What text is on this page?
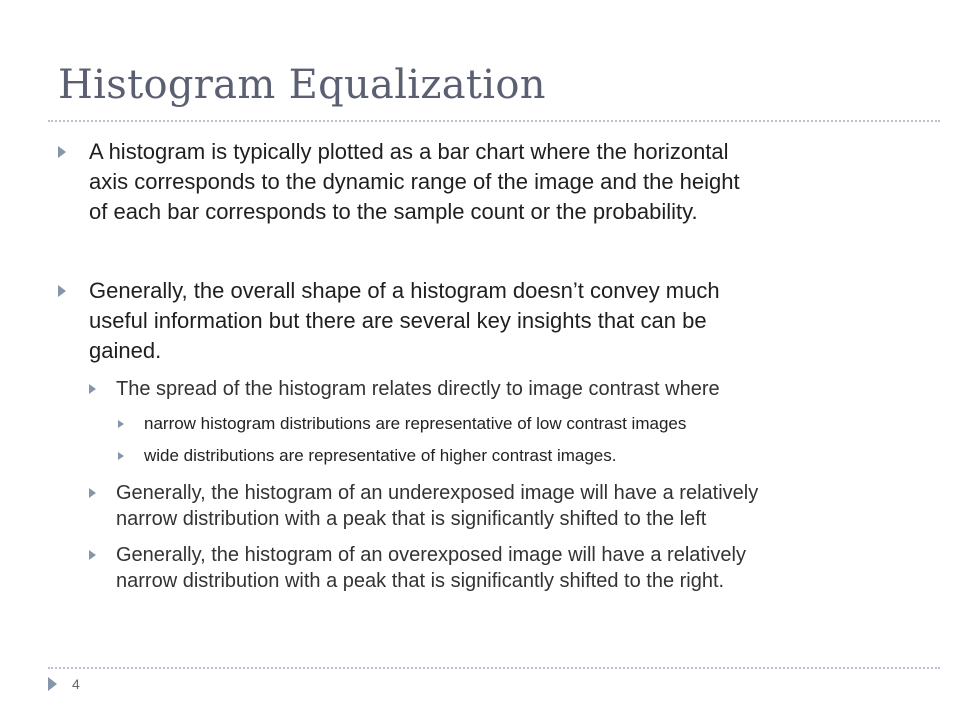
Histogram Equalization
A histogram is typically plotted as a bar chart where the horizontal
axis corresponds to the dynamic range of the image and the height
of each bar corresponds to the sample count or the probability.
Generally, the overall shape of a histogram doesn’t convey much
useful information but there are several key insights that can be
gained.
The spread of the histogram relates directly to image contrast where
narrow histogram distributions are representative of low contrast images
wide distributions are representative of higher contrast images.
Generally, the histogram of an underexposed image will have a relatively
narrow distribution with a peak that is significantly shifted to the left
Generally, the histogram of an overexposed image will have a relatively
narrow distribution with a peak that is significantly shifted to the right.
4
